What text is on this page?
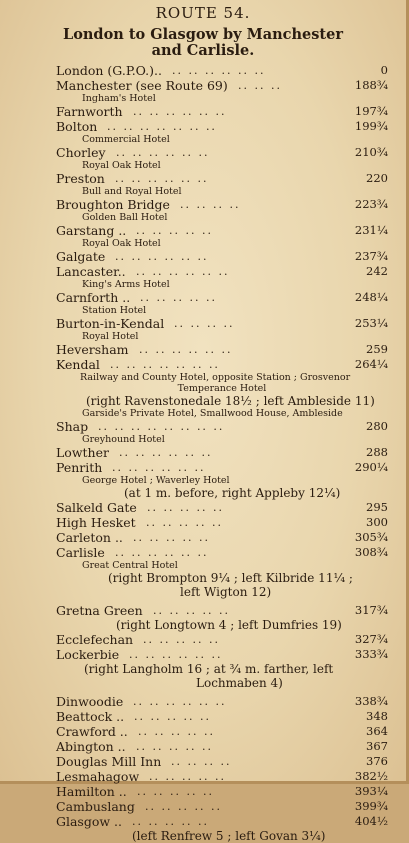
ROUTE 54.
London to Glasgow by Manchester
and Carlisle.
London (G.P.O.).. .. .. .. .. .. ..	0
Manchester (see Route 69) .. .. ..	188¾
Ingham's Hotel
Farnworth .. .. .. .. .. ..	197¾
Bolton .. .. .. .. .. .. ..	199¾
Commercial Hotel
Chorley .. .. .. .. .. ..	210¾
Royal Oak Hotel
Preston .. .. .. .. .. ..	220
Bull and Royal Hotel
Broughton Bridge .. .. .. ..	223¾
Golden Ball Hotel
Garstang .. .. .. .. .. ..	231¼
Royal Oak Hotel
Galgate .. .. .. .. .. ..	237¾
Lancaster.. .. .. .. .. .. ..	242
King's Arms Hotel
Carnforth .. .. .. .. .. ..	248¼
Station Hotel
Burton-in-Kendal .. .. .. ..	253¼
Royal Hotel
Heversham .. .. .. .. .. ..	259
Kendal .. .. .. .. .. .. ..	264¼
Railway and County Hotel, opposite Station ; Grosvenor
Temperance Hotel
(right Ravenstonedale 18½ ; left Ambleside 11)
Garside's Private Hotel, Smallwood House, Ambleside
Shap .. .. .. .. .. .. .. ..	280
Greyhound Hotel
Lowther .. .. .. .. .. ..	288
Penrith .. .. .. .. .. ..	290¼
George Hotel ; Waverley Hotel
(at 1 m. before, right Appleby 12¼)
Salkeld Gate .. .. .. .. ..	295
High Hesket .. .. .. .. ..	300
Carleton .. .. .. .. .. ..	305¾
Carlisle .. .. .. .. .. ..	308¾
Great Central Hotel
(right Brompton 9¼ ; left Kilbride 11¼ ;
left Wigton 12)
Gretna Green .. .. .. .. ..	317¾
(right Longtown 4 ; left Dumfries 19)
Ecclefechan .. .. .. .. ..	327¾
Lockerbie .. .. .. .. .. ..	333¾
(right Langholm 16 ; at ¾ m. farther, left
Lochmaben 4)
Dinwoodie .. .. .. .. .. ..	338¾
Beattock .. .. .. .. .. ..	348
Crawford .. .. .. .. .. ..	364
Abington .. .. .. .. .. ..	367
Douglas Mill Inn .. .. .. ..	376
Lesmahagow .. .. .. .. ..	382½
Hamilton .. .. .. .. .. ..	393¼
Cambuslang .. .. .. .. ..	399¾
Glasgow .. .. .. .. .. ..	404½
(left Renfrew 5 ; left Govan 3¼)
